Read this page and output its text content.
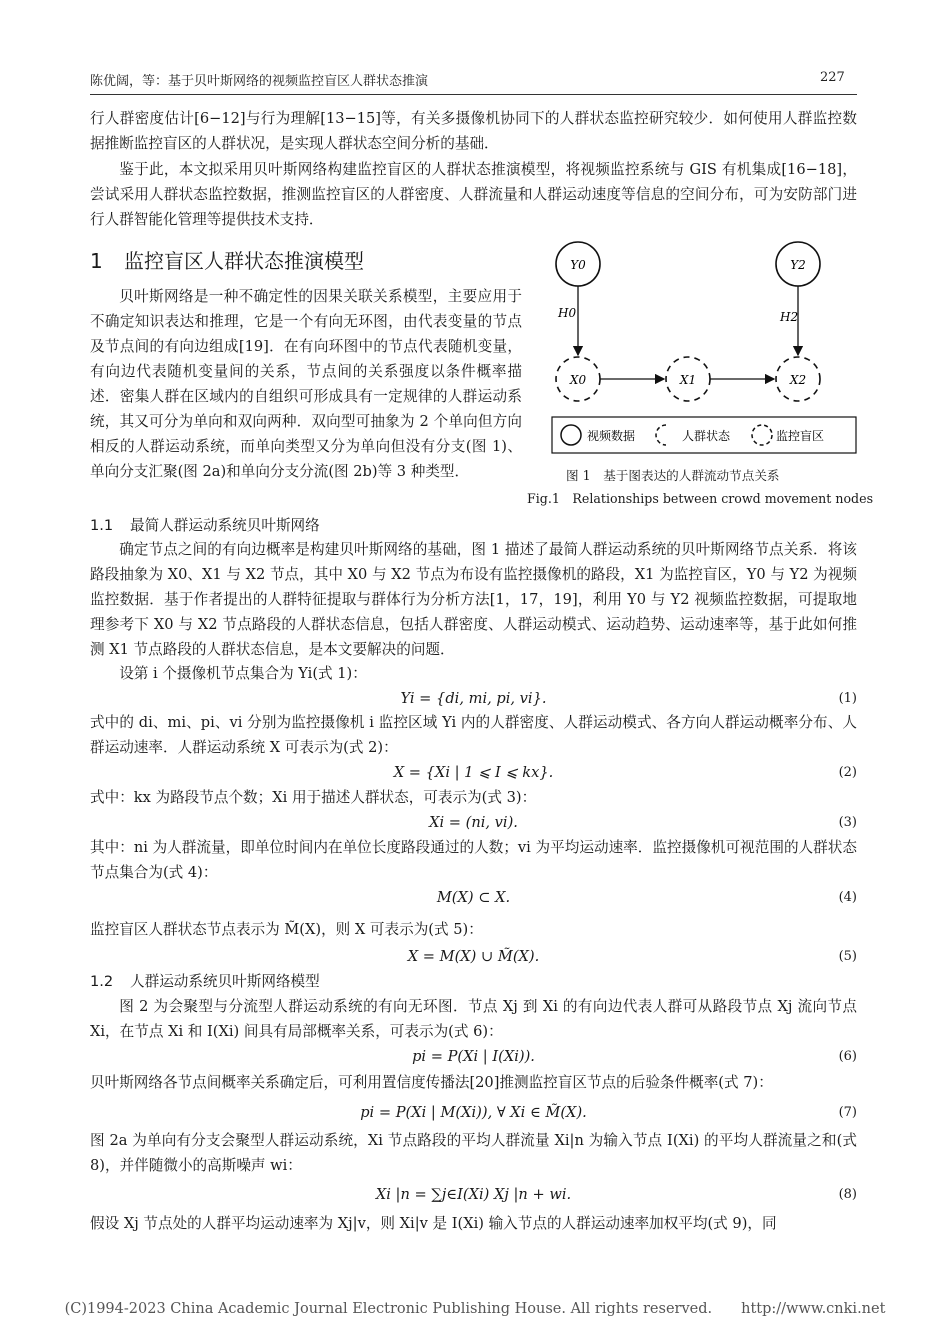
陈优阔，等：基于贝叶斯网络的视频监控盲区人群状态推演	227

行人群密度估计[6−12]与行为理解[13−15]等，有关多摄像机协同下的人群状态监控研究较少．如何使用人群监控数据推断监控盲区的人群状况，是实现人群状态空间分析的基础．

鉴于此，本文拟采用贝叶斯网络构建监控盲区的人群状态推演模型，将视频监控系统与 GIS 有机集成[16−18]，尝试采用人群状态监控数据，推测监控盲区的人群密度、人群流量和人群运动速度等信息的空间分布，可为安防部门进行人群智能化管理等提供技术支持．

1 监控盲区人群状态推演模型

贝叶斯网络是一种不确定性的因果关联关系模型，主要应用于不确定知识表达和推理，它是一个有向无环图，由代表变量的节点及节点间的有向边组成[19]．在有向环图中的节点代表随机变量，有向边代表随机变量间的关系，节点间的关系强度以条件概率描述．密集人群在区域内的自组织可形成具有一定规律的人群运动系统，其又可分为单向和双向两种．双向型可抽象为 2 个单向但方向相反的人群运动系统，而单向类型又分为单向但没有分支(图 1)、单向分支汇聚(图 2a)和单向分支分流(图 2b)等 3 种类型．

Y0	Y2
H0	H2
X0	X1	X2
视频数据	人群状态	监控盲区
图 1　基于图表达的人群流动节点关系
Fig.1　Relationships between crowd movement nodes
1.1 最简人群运动系统贝叶斯网络

确定节点之间的有向边概率是构建贝叶斯网络的基础，图 1 描述了最简人群运动系统的贝叶斯网络节点关系．将该路段抽象为 X0、X1 与 X2 节点，其中 X0 与 X2 节点为布设有监控摄像机的路段，X1 为监控盲区，Y0 与 Y2 为视频监控数据．基于作者提出的人群特征提取与群体行为分析方法[1，17，19]，利用 Y0 与 Y2 视频监控数据，可提取地理参考下 X0 与 X2 节点路段的人群状态信息，包括人群密度、人群运动模式、运动趋势、运动速率等，基于此如何推测 X1 节点路段的人群状态信息，是本文要解决的问题．

设第 i 个摄像机节点集合为 Yi(式 1)：

Yi = {di, mi, pi, vi}.	(1)

式中的 di、mi、pi、vi 分别为监控摄像机 i 监控区域 Yi 内的人群密度、人群运动模式、各方向人群运动概率分布、人群运动速率．人群运动系统 X 可表示为(式 2)：

X = {Xi | 1 ⩽ I ⩽ kx}.	(2)

式中：kx 为路段节点个数；Xi 用于描述人群状态，可表示为(式 3)：

Xi = (ni, vi).	(3)

其中：ni 为人群流量，即单位时间内在单位长度路段通过的人数；vi 为平均运动速率．监控摄像机可视范围的人群状态节点集合为(式 4)：

M(X) ⊂ X.	(4)

监控盲区人群状态节点表示为 M̃(X)，则 X 可表示为(式 5)：

X = M(X) ∪ M̃(X).	(5)
1.2 人群运动系统贝叶斯网络模型

图 2 为会聚型与分流型人群运动系统的有向无环图．节点 Xj 到 Xi 的有向边代表人群可从路段节点 Xj 流向节点 Xi，在节点 Xi 和 I(Xi) 间具有局部概率关系，可表示为(式 6)：

pi = P(Xi | I(Xi)).	(6)

贝叶斯网络各节点间概率关系确定后，可利用置信度传播法[20]推测监控盲区节点的后验条件概率(式 7)：

pi = P(Xi | M(Xi)), ∀ Xi ∈ M̃(X).	(7)

图 2a 为单向有分支会聚型人群运动系统，Xi 节点路段的平均人群流量 Xi|n 为输入节点 I(Xi) 的平均人群流量之和(式 8)，并伴随微小的高斯噪声 wi：

Xi |n = ∑j∈I(Xi) Xj |n + wi.	(8)

假设 Xj 节点处的人群平均运动速率为 Xj|v，则 Xi|v 是 I(Xi) 输入节点的人群运动速率加权平均(式 9)，同

(C)1994-2023 China Academic Journal Electronic Publishing House. All rights reserved.　　http://www.cnki.net
